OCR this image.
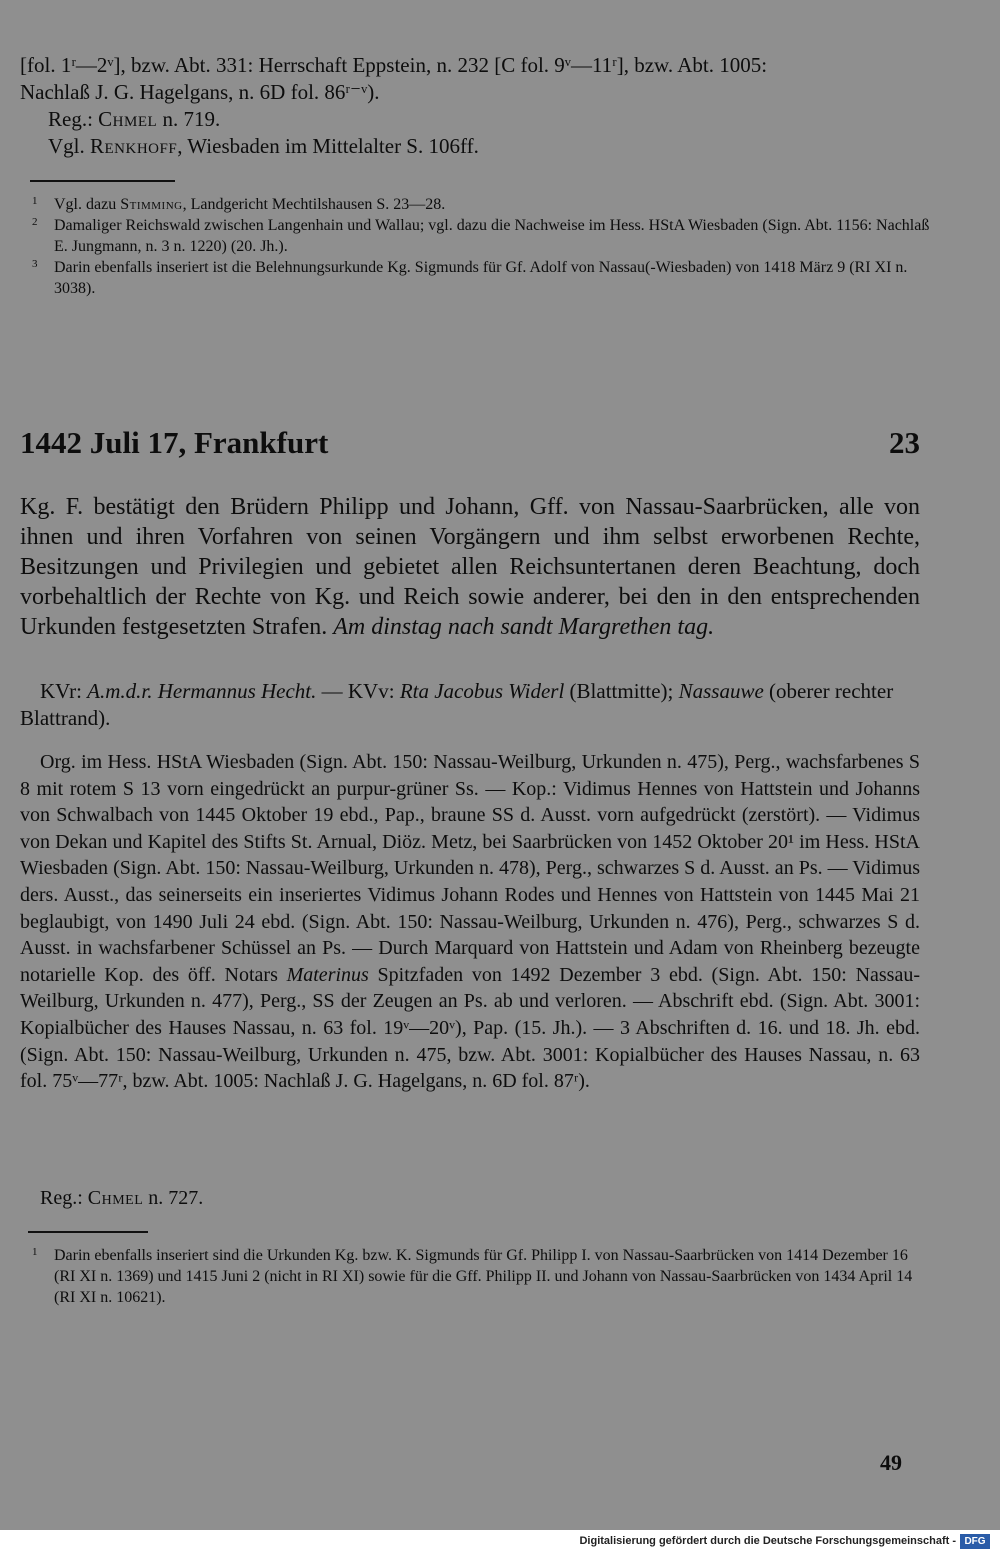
[fol. 1ʳ—2ᵛ], bzw. Abt. 331: Herrschaft Eppstein, n. 232 [C fol. 9ᵛ—11ʳ], bzw. Abt. 1005:

Nachlaß J. G. Hagelgans, n. 6D fol. 86ʳ⁻ᵛ).

Reg.: Chmel n. 719.

Vgl. Renkhoff, Wiesbaden im Mittelalter S. 106ff.

1	Vgl. dazu Stimming, Landgericht Mechtilshausen S. 23—28.
2	Damaliger Reichswald zwischen Langenhain und Wallau; vgl. dazu die Nachweise im Hess. HStA Wiesbaden (Sign. Abt. 1156: Nachlaß E. Jungmann, n. 3 n. 1220) (20. Jh.).
3	Darin ebenfalls inseriert ist die Belehnungsurkunde Kg. Sigmunds für Gf. Adolf von Nassau(-Wiesbaden) von 1418 März 9 (RI XI n. 3038).
1442 Juli 17, Frankfurt	23

Kg. F. bestätigt den Brüdern Philipp und Johann, Gff. von Nassau-Saarbrücken, alle von ihnen und ihren Vorfahren von seinen Vorgängern und ihm selbst erworbenen Rechte, Besitzungen und Privilegien und gebietet allen Reichsuntertanen deren Beachtung, doch vorbehaltlich der Rechte von Kg. und Reich sowie anderer, bei den in den entsprechenden Urkunden festgesetzten Strafen. Am dinstag nach sandt Margrethen tag.

KVr: A.m.d.r. Hermannus Hecht. — KVv: Rta Jacobus Widerl (Blattmitte); Nassauwe (oberer rechter Blattrand).

Org. im Hess. HStA Wiesbaden (Sign. Abt. 150: Nassau-Weilburg, Urkunden n. 475), Perg., wachsfarbenes S 8 mit rotem S 13 vorn eingedrückt an purpur-grüner Ss. — Kop.: Vidimus Hennes von Hattstein und Johanns von Schwalbach von 1445 Oktober 19 ebd., Pap., braune SS d. Ausst. vorn aufgedrückt (zerstört). — Vidimus von Dekan und Kapitel des Stifts St. Arnual, Diöz. Metz, bei Saarbrücken von 1452 Oktober 20¹ im Hess. HStA Wiesbaden (Sign. Abt. 150: Nassau-Weilburg, Urkunden n. 478), Perg., schwarzes S d. Ausst. an Ps. — Vidimus ders. Ausst., das seinerseits ein inseriertes Vidimus Johann Rodes und Hennes von Hattstein von 1445 Mai 21 beglaubigt, von 1490 Juli 24 ebd. (Sign. Abt. 150: Nassau-Weilburg, Urkunden n. 476), Perg., schwarzes S d. Ausst. in wachsfarbener Schüssel an Ps. — Durch Marquard von Hattstein und Adam von Rheinberg bezeugte notarielle Kop. des öff. Notars Materinus Spitzfaden von 1492 Dezember 3 ebd. (Sign. Abt. 150: Nassau-Weilburg, Urkunden n. 477), Perg., SS der Zeugen an Ps. ab und verloren. — Abschrift ebd. (Sign. Abt. 3001: Kopialbücher des Hauses Nassau, n. 63 fol. 19ᵛ—20ᵛ), Pap. (15. Jh.). — 3 Abschriften d. 16. und 18. Jh. ebd. (Sign. Abt. 150: Nassau-Weilburg, Urkunden n. 475, bzw. Abt. 3001: Kopialbücher des Hauses Nassau, n. 63 fol. 75ᵛ—77ʳ, bzw. Abt. 1005: Nachlaß J. G. Hagelgans, n. 6D fol. 87ʳ).

Reg.: Chmel n. 727.

1	Darin ebenfalls inseriert sind die Urkunden Kg. bzw. K. Sigmunds für Gf. Philipp I. von Nassau-Saarbrücken von 1414 Dezember 16 (RI XI n. 1369) und 1415 Juni 2 (nicht in RI XI) sowie für die Gff. Philipp II. und Johann von Nassau-Saarbrücken von 1434 April 14 (RI XI n. 10621).
49
Digitalisierung gefördert durch die Deutsche Forschungsgemeinschaft - DFG
